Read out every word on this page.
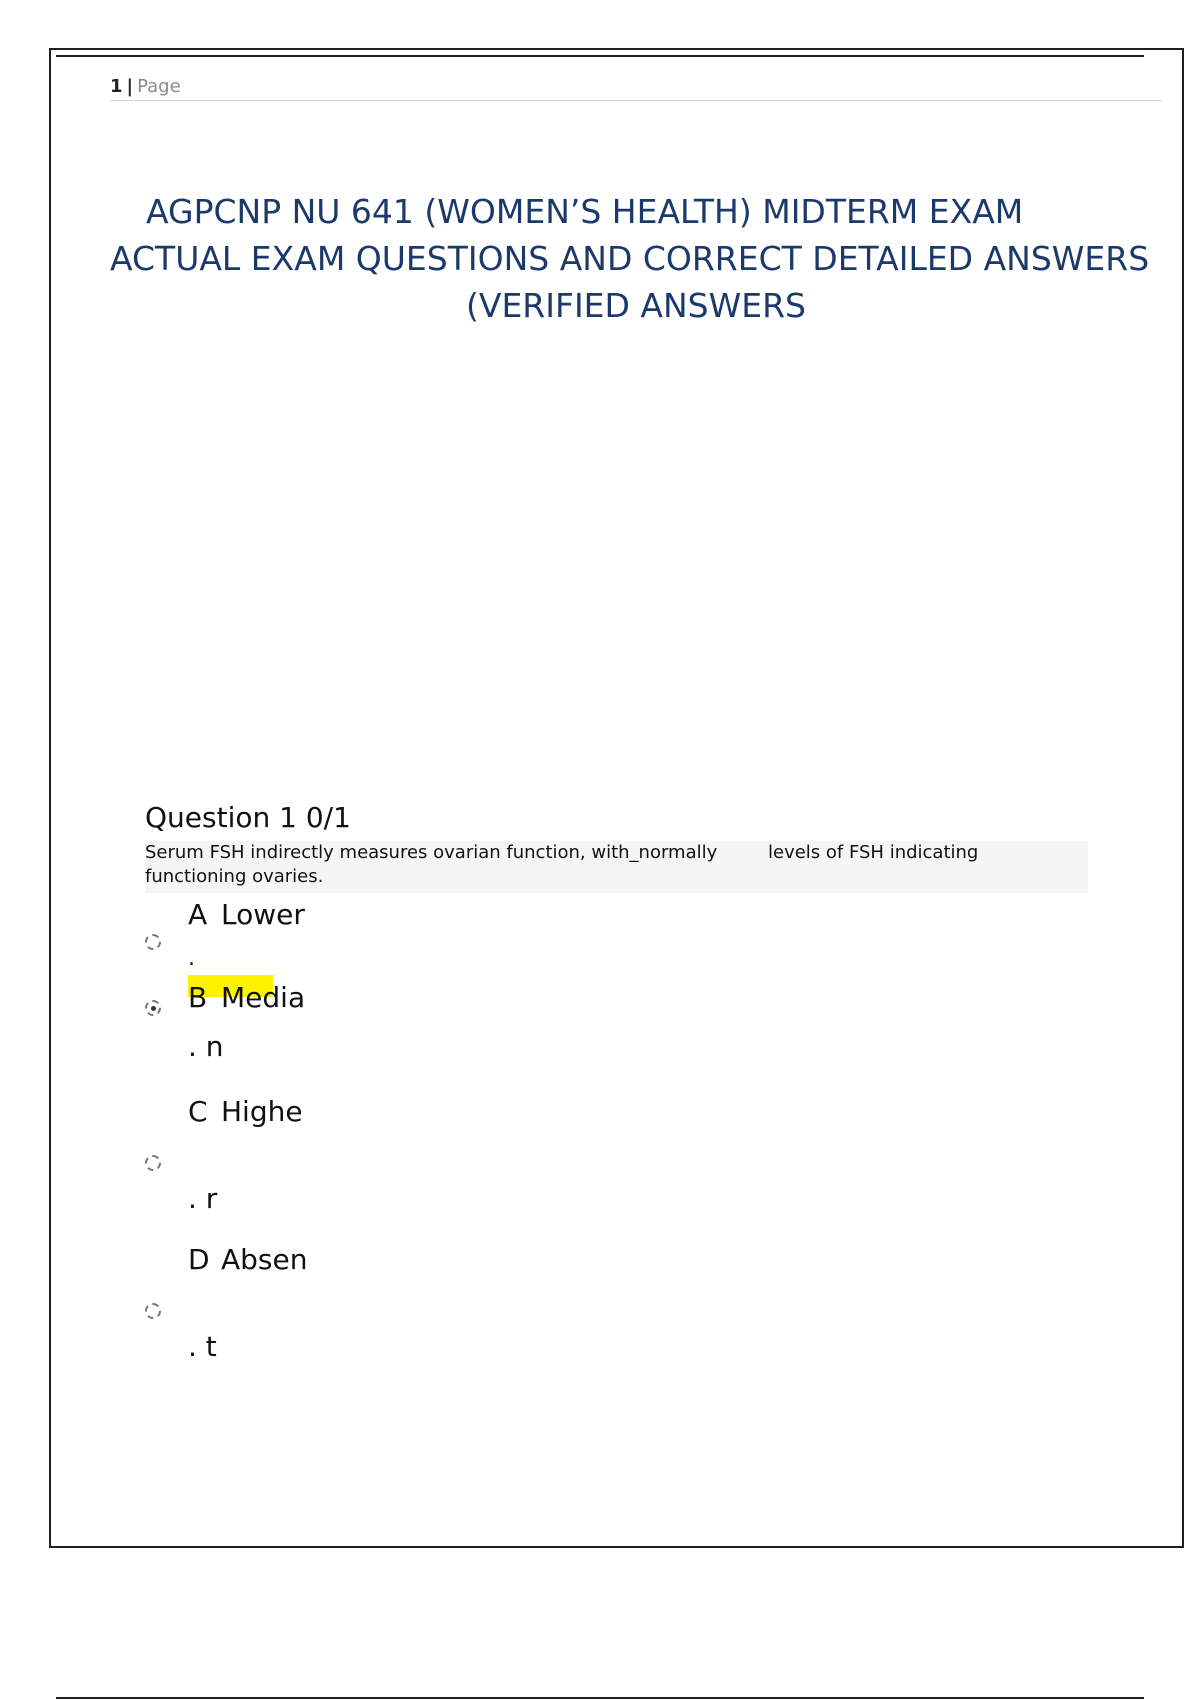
1 | Page
AGPCNP NU 641 (WOMEN’S HEALTH) MIDTERM EXAM
ACTUAL EXAM QUESTIONS AND CORRECT DETAILED ANSWERS
(VERIFIED ANSWERS
Question 1 0/1
Serum FSH indirectly measures ovarian function, with_normally	levels of FSH indicating
functioning ovaries.
A Lower
.
B Media
. n
C Highe
. r
D Absen
. t
